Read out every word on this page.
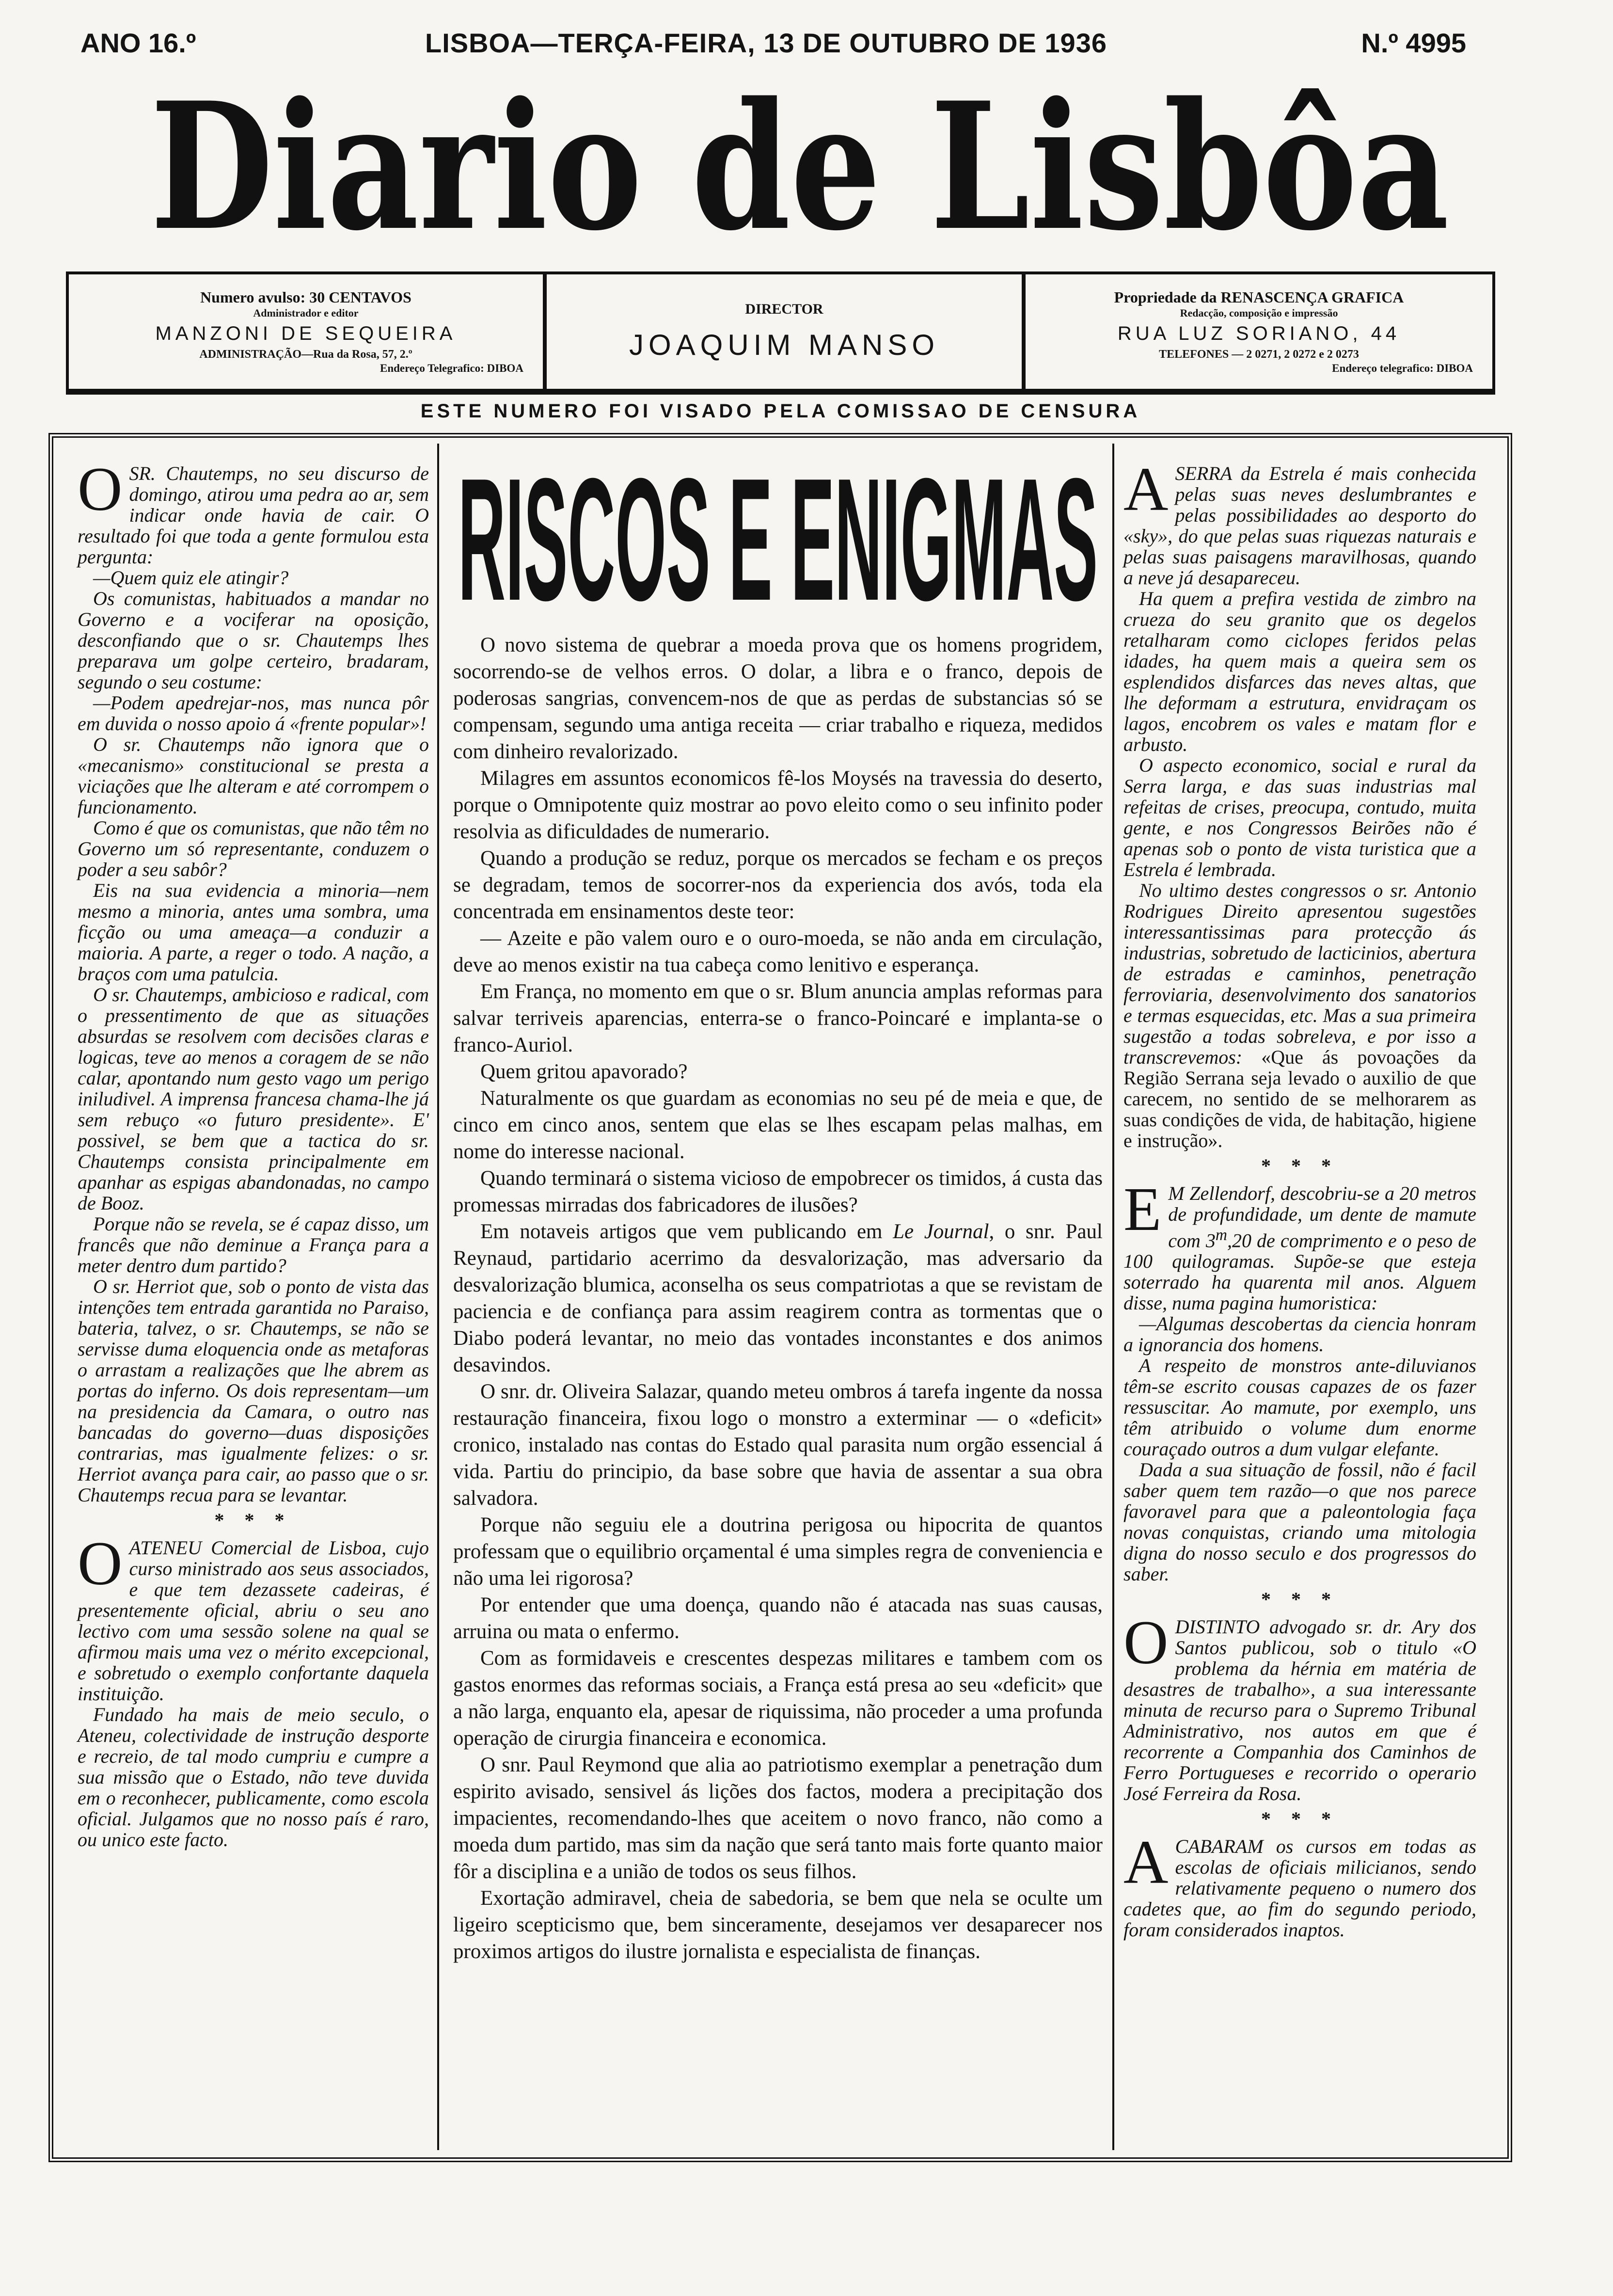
ANO 16.º	LISBOA—TERÇA-FEIRA, 13 DE OUTUBRO DE 1936	N.º 4995
Diario de Lisbôa
Numero avulso: 30 CENTAVOS
Administrador e editor
MANZONI DE SEQUEIRA
ADMINISTRAÇÃO—Rua da Rosa, 57, 2.º
Endereço Telegrafico: DIBOA
DIRECTOR
JOAQUIM MANSO
Propriedade da RENASCENÇA GRAFICA
Redacção, composição e impressão
RUA LUZ SORIANO, 44
TELEFONES — 2 0271, 2 0272 e 2 0273
Endereço telegrafico: DIBOA
ESTE NUMERO FOI VISADO PELA COMISSAO DE CENSURA

OSR. Chautemps, no seu discurso de domingo, atirou uma pedra ao ar, sem indicar onde havia de cair. O resultado foi que toda a gente formulou esta pergunta:

—Quem quiz ele atingir?

Os comunistas, habituados a mandar no Governo e a vociferar na oposição, desconfiando que o sr. Chautemps lhes preparava um golpe certeiro, bradaram, segundo o seu costume:

—Podem apedrejar-nos, mas nunca pôr em duvida o nosso apoio á «frente popular»!

O sr. Chautemps não ignora que o «mecanismo» constitucional se presta a viciações que lhe alteram e até corrompem o funcionamento.

Como é que os comunistas, que não têm no Governo um só representante, conduzem o poder a seu sabôr?

Eis na sua evidencia a minoria—nem mesmo a minoria, antes uma sombra, uma ficção ou uma ameaça—a conduzir a maioria. A parte, a reger o todo. A nação, a braços com uma patulcia.

O sr. Chautemps, ambicioso e radical, com o pressentimento de que as situações absurdas se resolvem com decisões claras e logicas, teve ao menos a coragem de se não calar, apontando num gesto vago um perigo iniludivel. A imprensa francesa chama-lhe já sem rebuço «o futuro presidente». E' possivel, se bem que a tactica do sr. Chautemps consista principalmente em apanhar as espigas abandonadas, no campo de Booz.

Porque não se revela, se é capaz disso, um francês que não deminue a França para a meter dentro dum partido?

O sr. Herriot que, sob o ponto de vista das intenções tem entrada garantida no Paraiso, bateria, talvez, o sr. Chautemps, se não se servisse duma eloquencia onde as metaforas o arrastam a realizações que lhe abrem as portas do inferno. Os dois representam—um na presidencia da Camara, o outro nas bancadas do governo—duas disposições contrarias, mas igualmente felizes: o sr. Herriot avança para cair, ao passo que o sr. Chautemps recua para se levantar.

* * *

OATENEU Comercial de Lisboa, cujo curso ministrado aos seus associados, e que tem dezassete cadeiras, é presentemente oficial, abriu o seu ano lectivo com uma sessão solene na qual se afirmou mais uma vez o mérito excepcional, e sobretudo o exemplo confortante daquela instituição.

Fundado ha mais de meio seculo, o Ateneu, colectividade de instrução desporte e recreio, de tal modo cumpriu e cumpre a sua missão que o Estado, não teve duvida em o reconhecer, publicamente, como escola oficial. Julgamos que no nosso país é raro, ou unico este facto.

RISCOS E ENIGMAS

O novo sistema de quebrar a moeda prova que os homens progridem, socorrendo-se de velhos erros. O dolar, a libra e o franco, depois de poderosas sangrias, convencem-nos de que as perdas de substancias só se compensam, segundo uma antiga receita — criar trabalho e riqueza, medidos com dinheiro revalorizado.

Milagres em assuntos economicos fê-los Moysés na travessia do deserto, porque o Omnipotente quiz mostrar ao povo eleito como o seu infinito poder resolvia as dificuldades de numerario.

Quando a produção se reduz, porque os mercados se fecham e os preços se degradam, temos de socorrer-nos da experiencia dos avós, toda ela concentrada em ensinamentos deste teor:

— Azeite e pão valem ouro e o ouro-moeda, se não anda em circulação, deve ao menos existir na tua cabeça como lenitivo e esperança.

Em França, no momento em que o sr. Blum anuncia amplas reformas para salvar terriveis aparencias, enterra-se o franco-Poincaré e implanta-se o franco-Auriol.

Quem gritou apavorado?

Naturalmente os que guardam as economias no seu pé de meia e que, de cinco em cinco anos, sentem que elas se lhes escapam pelas malhas, em nome do interesse nacional.

Quando terminará o sistema vicioso de empobrecer os timidos, á custa das promessas mirradas dos fabricadores de ilusões?

Em notaveis artigos que vem publicando em Le Journal, o snr. Paul Reynaud, partidario acerrimo da desvalorização, mas adversario da desvalorização blumica, aconselha os seus compatriotas a que se revistam de paciencia e de confiança para assim reagirem contra as tormentas que o Diabo poderá levantar, no meio das vontades inconstantes e dos animos desavindos.

O snr. dr. Oliveira Salazar, quando meteu ombros á tarefa ingente da nossa restauração financeira, fixou logo o monstro a exterminar — o «deficit» cronico, instalado nas contas do Estado qual parasita num orgão essencial á vida. Partiu do principio, da base sobre que havia de assentar a sua obra salvadora.

Porque não seguiu ele a doutrina perigosa ou hipocrita de quantos professam que o equilibrio orçamental é uma simples regra de conveniencia e não uma lei rigorosa?

Por entender que uma doença, quando não é atacada nas suas causas, arruina ou mata o enfermo.

Com as formidaveis e crescentes despezas militares e tambem com os gastos enormes das reformas sociais, a França está presa ao seu «deficit» que a não larga, enquanto ela, apesar de riquissima, não proceder a uma profunda operação de cirurgia financeira e economica.

O snr. Paul Reymond que alia ao patriotismo exemplar a penetração dum espirito avisado, sensivel ás lições dos factos, modera a precipitação dos impacientes, recomendando-lhes que aceitem o novo franco, não como a moeda dum partido, mas sim da nação que será tanto mais forte quanto maior fôr a disciplina e a união de todos os seus filhos.

Exortação admiravel, cheia de sabedoria, se bem que nela se oculte um ligeiro scepticismo que, bem sinceramente, desejamos ver desaparecer nos proximos artigos do ilustre jornalista e especialista de finanças.

ASERRA da Estrela é mais conhecida pelas suas neves deslumbrantes e pelas possibilidades ao desporto do «sky», do que pelas suas riquezas naturais e pelas suas paisagens maravilhosas, quando a neve já desapareceu.

Ha quem a prefira vestida de zimbro na crueza do seu granito que os degelos retalharam como ciclopes feridos pelas idades, ha quem mais a queira sem os esplendidos disfarces das neves altas, que lhe deformam a estrutura, envidraçam os lagos, encobrem os vales e matam flor e arbusto.

O aspecto economico, social e rural da Serra larga, e das suas industrias mal refeitas de crises, preocupa, contudo, muita gente, e nos Congressos Beirões não é apenas sob o ponto de vista turistica que a Estrela é lembrada.

No ultimo destes congressos o sr. Antonio Rodrigues Direito apresentou sugestões interessantissimas para protecção ás industrias, sobretudo de lacticinios, abertura de estradas e caminhos, penetração ferroviaria, desenvolvimento dos sanatorios e termas esquecidas, etc. Mas a sua primeira sugestão a todas sobreleva, e por isso a transcrevemos: «Que ás povoações da Região Serrana seja levado o auxilio de que carecem, no sentido de se melhorarem as suas condições de vida, de habitação, higiene e instrução».

* * *

E M Zellendorf, descobriu-se a 20 metros de profundidade, um dente de mamute com 3$^m$,20 de comprimento e o peso de 100 quilogramas. Supõe-se que esteja soterrado ha quarenta mil anos. Alguem disse, numa pagina humoristica:

—Algumas descobertas da ciencia honram a ignorancia dos homens.

A respeito de monstros ante-diluvianos têm-se escrito cousas capazes de os fazer ressuscitar. Ao mamute, por exemplo, uns têm atribuido o volume dum enorme couraçado outros a dum vulgar elefante.

Dada a sua situação de fossil, não é facil saber quem tem razão—o que nos parece favoravel para que a paleontologia faça novas conquistas, criando uma mitologia digna do nosso seculo e dos progressos do saber.

* * *

ODISTINTO advogado sr. dr. Ary dos Santos publicou, sob o titulo «O problema da hérnia em matéria de desastres de trabalho», a sua interessante minuta de recurso para o Supremo Tribunal Administrativo, nos autos em que é recorrente a Companhia dos Caminhos de Ferro Portugueses e recorrido o operario José Ferreira da Rosa.

* * *

ACABARAM os cursos em todas as escolas de oficiais milicianos, sendo relativamente pequeno o numero dos cadetes que, ao fim do segundo periodo, foram considerados inaptos.
